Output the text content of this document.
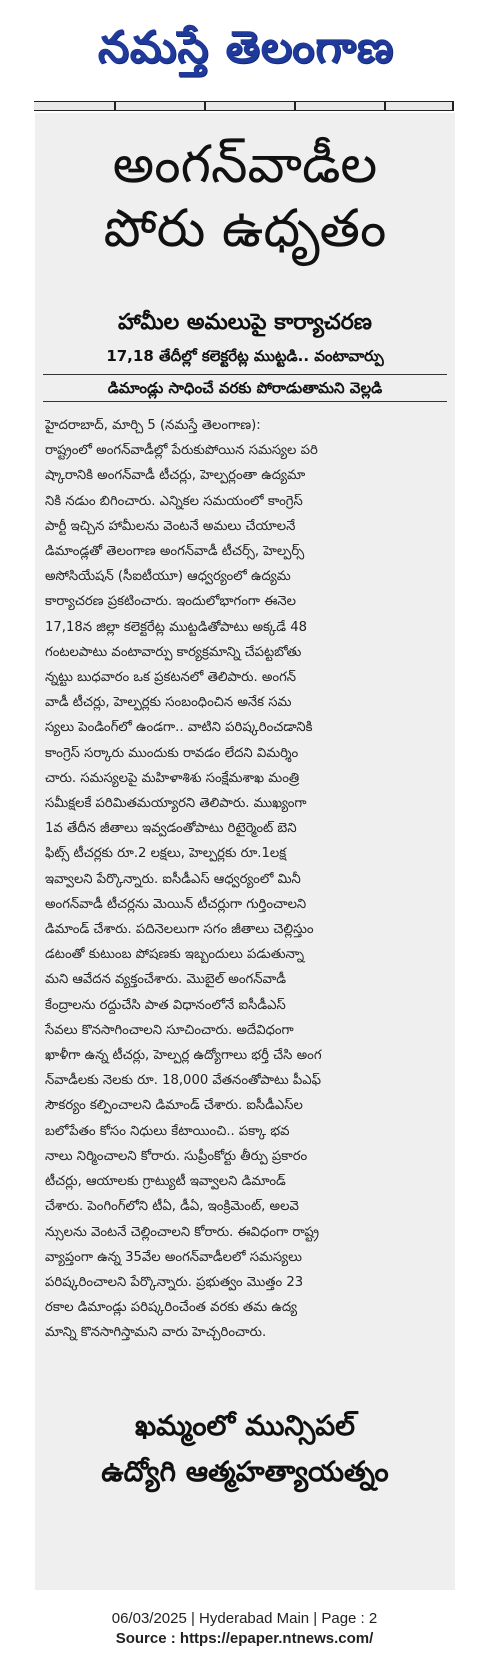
నమస్తే తెలంగాణ
అంగన్‌వాడీల
పోరు ఉధృతం
హామీల అమలుపై కార్యాచరణ
17,18 తేదీల్లో కలెక్టరేట్ల ముట్టడి.. వంటావార్పు
డిమాండ్లు సాధించే వరకు పోరాడుతామని వెల్లడి
హైదరాబాద్, మార్చి 5 (నమస్తే తెలంగాణ):
రాష్ట్రంలో అంగన్‌వాడీల్లో పేరుకుపోయిన సమస్యల పరి
ష్కారానికి అంగన్‌వాడీ టీచర్లు, హెల్పర్లంతా ఉద్యమా
నికి నడుం బిగించారు. ఎన్నికల సమయంలో కాంగ్రెస్
పార్టీ ఇచ్చిన హామీలను వెంటనే అమలు చేయాలనే
డిమాండ్లతో తెలంగాణ అంగన్‌వాడీ టీచర్స్, హెల్పర్స్
అసోసియేషన్ (సీఐటీయూ) ఆధ్వర్యంలో ఉద్యమ
కార్యాచరణ ప్రకటించారు. ఇందులోభాగంగా ఈనెల
17,18న జిల్లా కలెక్టరేట్ల ముట్టడితోపాటు అక్కడే 48
గంటలపాటు వంటావార్పు కార్యక్రమాన్ని చేపట్టబోతు
న్నట్టు బుధవారం ఒక ప్రకటనలో తెలిపారు. అంగన్
వాడీ టీచర్లు, హెల్పర్లకు సంబంధించిన అనేక సమ
స్యలు పెండింగ్‌లో ఉండగా.. వాటిని పరిష్కరించడానికి
కాంగ్రెస్ సర్కారు ముందుకు రావడం లేదని విమర్శిం
చారు. సమస్యలపై మహిళాశిశు సంక్షేమశాఖ మంత్రి
సమీక్షలకే పరిమితమయ్యారని తెలిపారు. ముఖ్యంగా
1వ తేదీన జీతాలు ఇవ్వడంతోపాటు రిటైర్మెంట్ బెని
ఫిట్స్ టీచర్లకు రూ.2 లక్షలు, హెల్పర్లకు రూ.1లక్ష
ఇవ్వాలని పేర్కొన్నారు. ఐసీడీఎస్ ఆధ్వర్యంలో మినీ
అంగన్‌వాడీ టీచర్లను మెయిన్ టీచర్లుగా గుర్తించాలని
డిమాండ్ చేశారు. పదినెలలుగా సగం జీతాలు చెల్లిస్తుం
డటంతో కుటుంబ పోషణకు ఇబ్బందులు పడుతున్నా
మని ఆవేదన వ్యక్తంచేశారు. మొబైల్ అంగన్‌వాడీ
కేంద్రాలను రద్దుచేసి పాత విధానంలోనే ఐసీడీఎస్
సేవలు కొనసాగించాలని సూచించారు. అదేవిధంగా
ఖాళీగా ఉన్న టీచర్లు, హెల్పర్ల ఉద్యోగాలు భర్తీ చేసి అంగ
న్‌వాడీలకు నెలకు రూ. 18,000 వేతనంతోపాటు పీఎఫ్
సౌకర్యం కల్పించాలని డిమాండ్ చేశారు. ఐసీడీఎస్‌ల
బలోపేతం కోసం నిధులు కేటాయించి.. పక్కా భవ
నాలు నిర్మించాలని కోరారు. సుప్రీంకోర్టు తీర్పు ప్రకారం
టీచర్లు, ఆయాలకు గ్రాట్యుటీ ఇవ్వాలని డిమాండ్
చేశారు. పెంగింగ్‌లోని టీఏ, డీఏ, ఇంక్రిమెంట్, అలవె
న్సులను వెంటనే చెల్లించాలని కోరారు. ఈవిధంగా రాష్ట్ర
వ్యాప్తంగా ఉన్న 35వేల అంగన్‌వాడీలలో సమస్యలు
పరిష్కరించాలని పేర్కొన్నారు. ప్రభుత్వం మొత్తం 23
రకాల డిమాండ్లు పరిష్కరించేంత వరకు తమ ఉద్య
మాన్ని కొనసాగిస్తామని వారు హెచ్చరించారు.
ఖమ్మంలో మున్సిపల్
ఉద్యోగి ఆత్మహత్యాయత్నం
06/03/2025 | Hyderabad Main | Page : 2
Source : https://epaper.ntnews.com/
